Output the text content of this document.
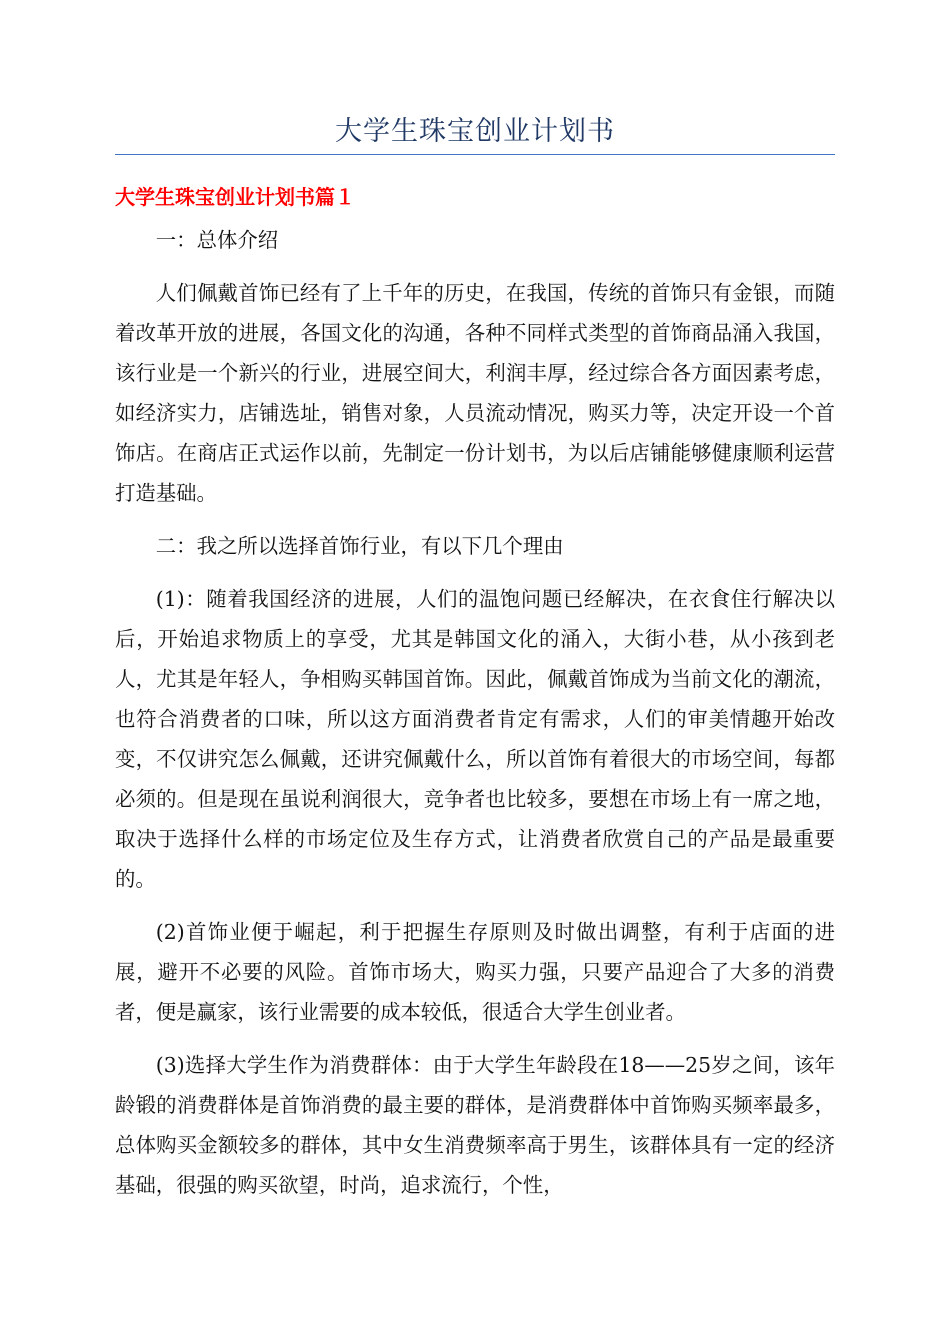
大学生珠宝创业计划书
大学生珠宝创业计划书篇１

一：总体介绍

人们佩戴首饰已经有了上千年的历史，在我国，传统的首饰只有金银，而随着改革开放的进展，各国文化的沟通，各种不同样式类型的首饰商品涌入我国，该行业是一个新兴的行业，进展空间大，利润丰厚，经过综合各方面因素考虑，如经济实力，店铺选址，销售对象，人员流动情况，购买力等，决定开设一个首饰店。在商店正式运作以前，先制定一份计划书，为以后店铺能够健康顺利运营打造基础。

二：我之所以选择首饰行业，有以下几个理由

(1)：随着我国经济的进展，人们的温饱问题已经解决，在衣食住行解决以后，开始追求物质上的享受，尤其是韩国文化的涌入，大街小巷，从小孩到老人，尤其是年轻人，争相购买韩国首饰。因此，佩戴首饰成为当前文化的潮流，也符合消费者的口味，所以这方面消费者肯定有需求，人们的审美情趣开始改变，不仅讲究怎么佩戴，还讲究佩戴什么，所以首饰有着很大的市场空间，每都必须的。但是现在虽说利润很大，竞争者也比较多，要想在市场上有一席之地，取决于选择什么样的市场定位及生存方式，让消费者欣赏自己的产品是最重要的。

(2)首饰业便于崛起，利于把握生存原则及时做出调整，有利于店面的进展，避开不必要的风险。首饰市场大，购买力强，只要产品迎合了大多的消费者，便是赢家，该行业需要的成本较低，很适合大学生创业者。

(3)选择大学生作为消费群体：由于大学生年龄段在18——25岁之间，该年龄锻的消费群体是首饰消费的最主要的群体，是消费群体中首饰购买频率最多，总体购买金额较多的群体，其中女生消费频率高于男生，该群体具有一定的经济基础，很强的购买欲望，时尚，追求流行，个性，
